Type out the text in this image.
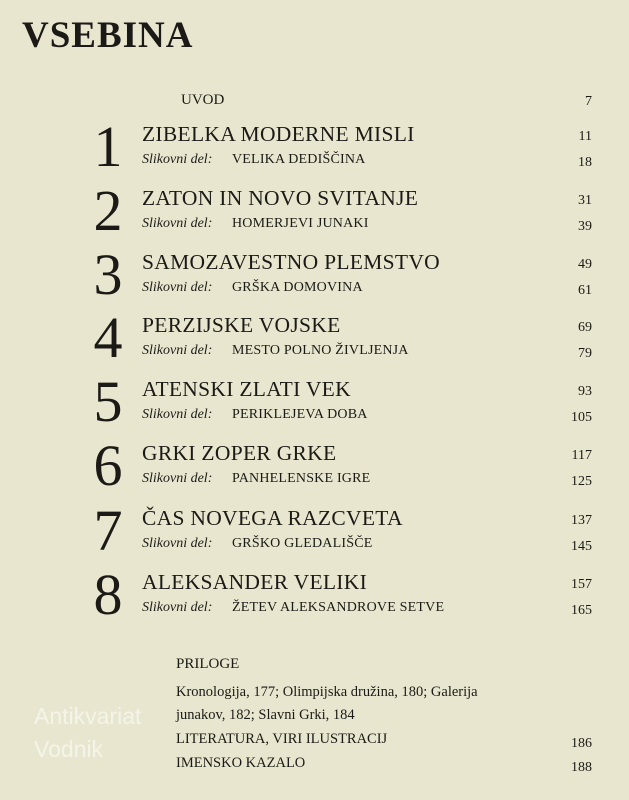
VSEBINA
UVOD	7
1 ZIBELKA MODERNE MISLI	11
Slikovni del: VELIKA DEDIŠČINA	18
2 ZATON IN NOVO SVITANJE	31
Slikovni del: HOMERJEVI JUNAKI	39
3 SAMOZAVESTNO PLEMSTVO	49
Slikovni del: GRŠKA DOMOVINA	61
4 PERZIJSKE VOJSKE	69
Slikovni del: MESTO POLNO ŽIVLJENJA	79
5 ATENSKI ZLATI VEK	93
Slikovni del: PERIKLEJEVA DOBA	105
6 GRKI ZOPER GRKE	117
Slikovni del: PANHELENSKE IGRE	125
7 ČAS NOVEGA RAZCVETA	137
Slikovni del: GRŠKO GLEDALIŠČE	145
8 ALEKSANDER VELIKI	157
Slikovni del: ŽETEV ALEKSANDROVE SETVE	165
PRILOGE
Kronologija, 177; Olimpijska družina, 180; Galerija
junakov, 182; Slavni Grki, 184
LITERATURA, VIRI ILUSTRACIJ	186
IMENSKO KAZALO	188
Antikvariat
Vodnik
